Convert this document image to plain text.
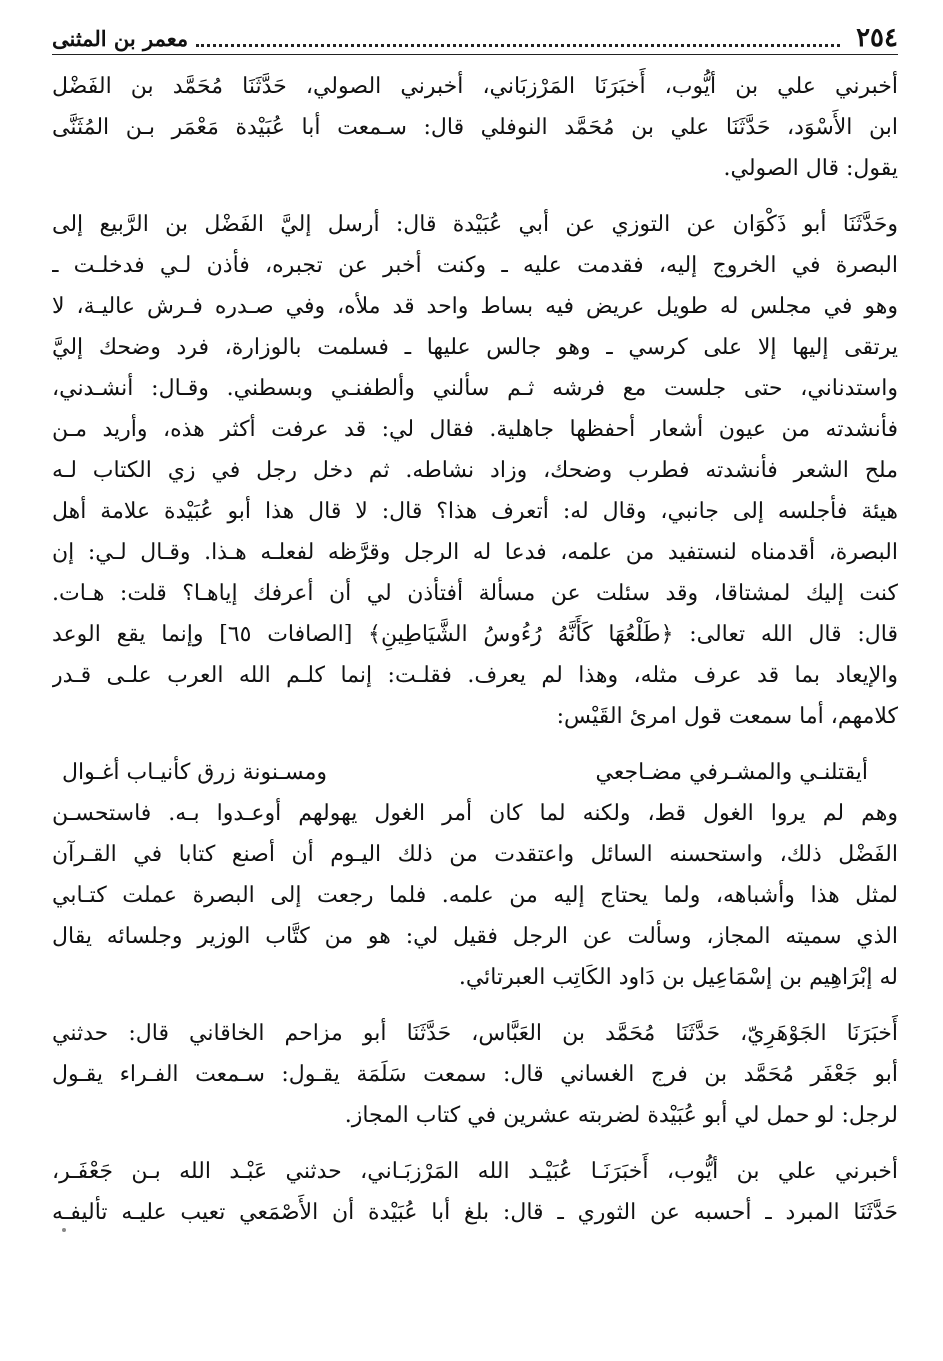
٢٥٤
معمر بن المثنى
أخبرني علي بن أيُّوب، أَخبَرَنَا المَرْزبَاني، أخبرني الصولي، حَدَّثَنَا مُحَمَّد بن الفَضْل
ابن الأَسْوَد، حَدَّثَنَا علي بن مُحَمَّد النوفلي قال: سـمعت أبا عُبَيْدة مَعْمَر بـن المُثَنَّى
يقول: قال الصولي.
وحَدَّثَنَا أبو ذَكْوَان عن التوزي عن أبي عُبَيْدة قال: أرسل إليَّ الفَضْل بن الرَّبيع إلى
البصرة في الخروج إليه، فقدمت عليه ـ وكنت أخبر عن تجبره، فأذن لـي فدخلـت ـ
وهو في مجلس له طويل عريض فيه بساط واحد قد ملأه، وفي صـدره فـرش عاليـة، لا
يرتقى إليها إلا على كرسي ـ وهو جالس عليها ـ فسلمت بالوزارة، فرد وضحك إليَّ
واستدناني، حتى جلست مع فرشه ثـم سألني وألطفنـي وبسطني. وقـال: أنشـدني،
فأنشدته من عيون أشعار أحفظها جاهلية. فقال لي: قد عرفت أكثر هذه، وأريد مـن
ملح الشعر فأنشدته فطرب وضحك، وزاد نشاطه. ثم دخل رجل في زي الكتاب لـه
هيئة فأجلسه إلى جانبي، وقال له: أتعرف هذا؟ قال: لا قال هذا أبو عُبَيْدة علامة أهل
البصرة، أقدمناه لنستفيد من علمه، فدعا له الرجل وقرَّظه لفعلـه هـذا. وقـال لـي: إن
كنت إليك لمشتاقا، وقد سئلت عن مسألة أفتأذن لي أن أعرفك إياهـا؟ قلت: هـات.
قال: قال الله تعالى: ﴿طَلْعُهَا كَأَنَّهُ رُءُوسُ الشَّيَاطِينِ﴾ [الصافات ٦٥] وإنما يقع الوعد
والإيعاد بما قد عرف مثله، وهذا لم يعرف. فقلـت: إنما كلـم الله العرب علـى قـدر
كلامهم، أما سمعت قول امرئ القَيْس:
أيقتلنـي والمشـرفي مضـاجعي
ومسـنونة زرق كأنيـاب أغـوال
وهم لم يروا الغول قط، ولكنه لما كان أمر الغول يهولهم أوعـدوا بـه. فاستحسـن
الفَضْل ذلك، واستحسنه السائل واعتقدت من ذلك اليـوم أن أصنع كتابا في القـرآن
لمثل هذا وأشباهه، ولما يحتاج إليه من علمه. فلما رجعت إلى البصرة عملت كتـابي
الذي سميته المجاز، وسألت عن الرجل فقيل لي: هو من كتَّاب الوزير وجلسائه يقال
له إبْرَاهِيم بن إسْمَاعِيل بن دَاود الكَاتِب العبرتائي.
أَخبَرَنَا الجَوْهَرِيّ، حَدَّثَنَا مُحَمَّد بن العَبَّاس، حَدَّثَنَا أبو مزاحم الخاقاني قال: حدثني
أبو جَعْفَر مُحَمَّد بن فرج الغساني قال: سمعت سَلَمَة يقـول: سـمعت الفـراء يقـول
لرجل: لو حمل لي أبو عُبَيْدة لضربته عشرين في كتاب المجاز.
أخبرني علي بن أيُّوب، أَخبَرَنَـا عُبَيْـد الله المَرْزبَـاني، حدثني عَبْـد الله بـن جَعْفَـر،
حَدَّثَنَا المبرد ـ أحسبه عن الثوري ـ قال: بلغ أبا عُبَيْدة أن الأَصْمَعي تعيب عليـه تأليفـه
